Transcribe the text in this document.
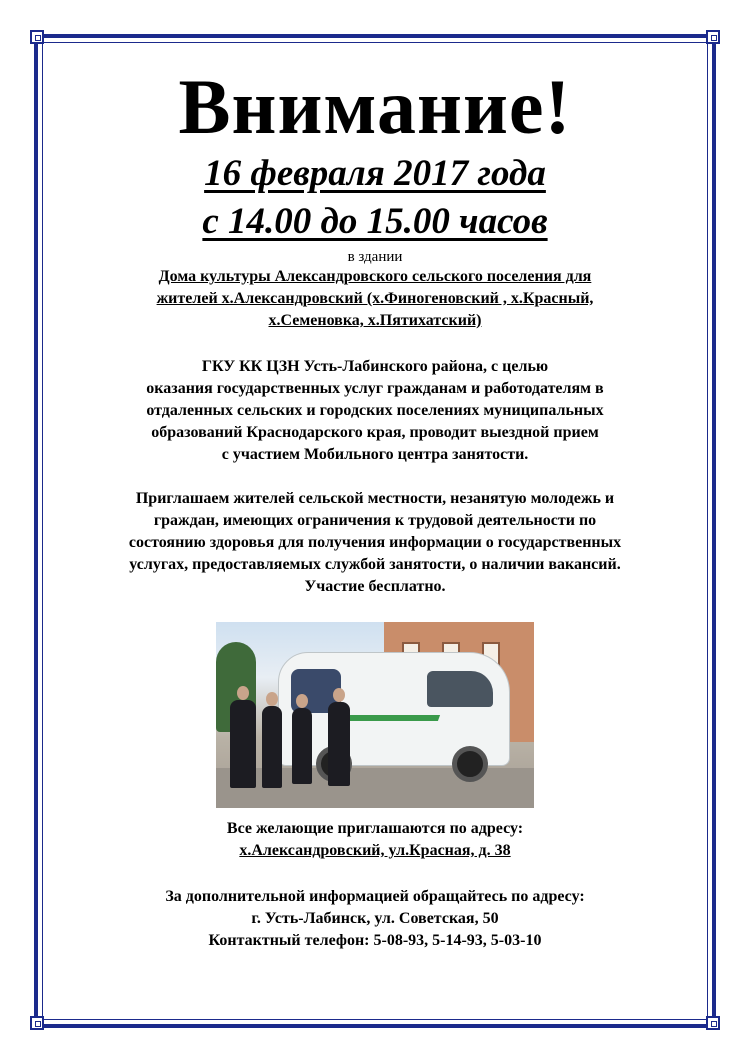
Внимание!

16 февраля 2017 года

с 14.00 до 15.00 часов

в здании

Дома культуры Александровского сельского поселения для

жителей х.Александровский (х.Финогеновский , х.Красный,

х.Семеновка, х.Пятихатский)

ГКУ КК ЦЗН Усть-Лабинского района, с целью

оказания государственных услуг гражданам и работодателям в

отдаленных сельских и городских поселениях муниципальных

образований Краснодарского края, проводит выездной прием

с участием Мобильного центра занятости.

Приглашаем жителей сельской местности, незанятую молодежь и

граждан, имеющих ограничения к трудовой деятельности по

состоянию здоровья для получения информации о государственных

услугах, предоставляемых службой занятости, о наличии вакансий.

Участие бесплатно.

Все желающие приглашаются по адресу:

х.Александровский, ул.Красная, д. 38

За дополнительной информацией обращайтесь по адресу:

г. Усть-Лабинск, ул. Советская, 50

Контактный телефон: 5-08-93, 5-14-93, 5-03-10
